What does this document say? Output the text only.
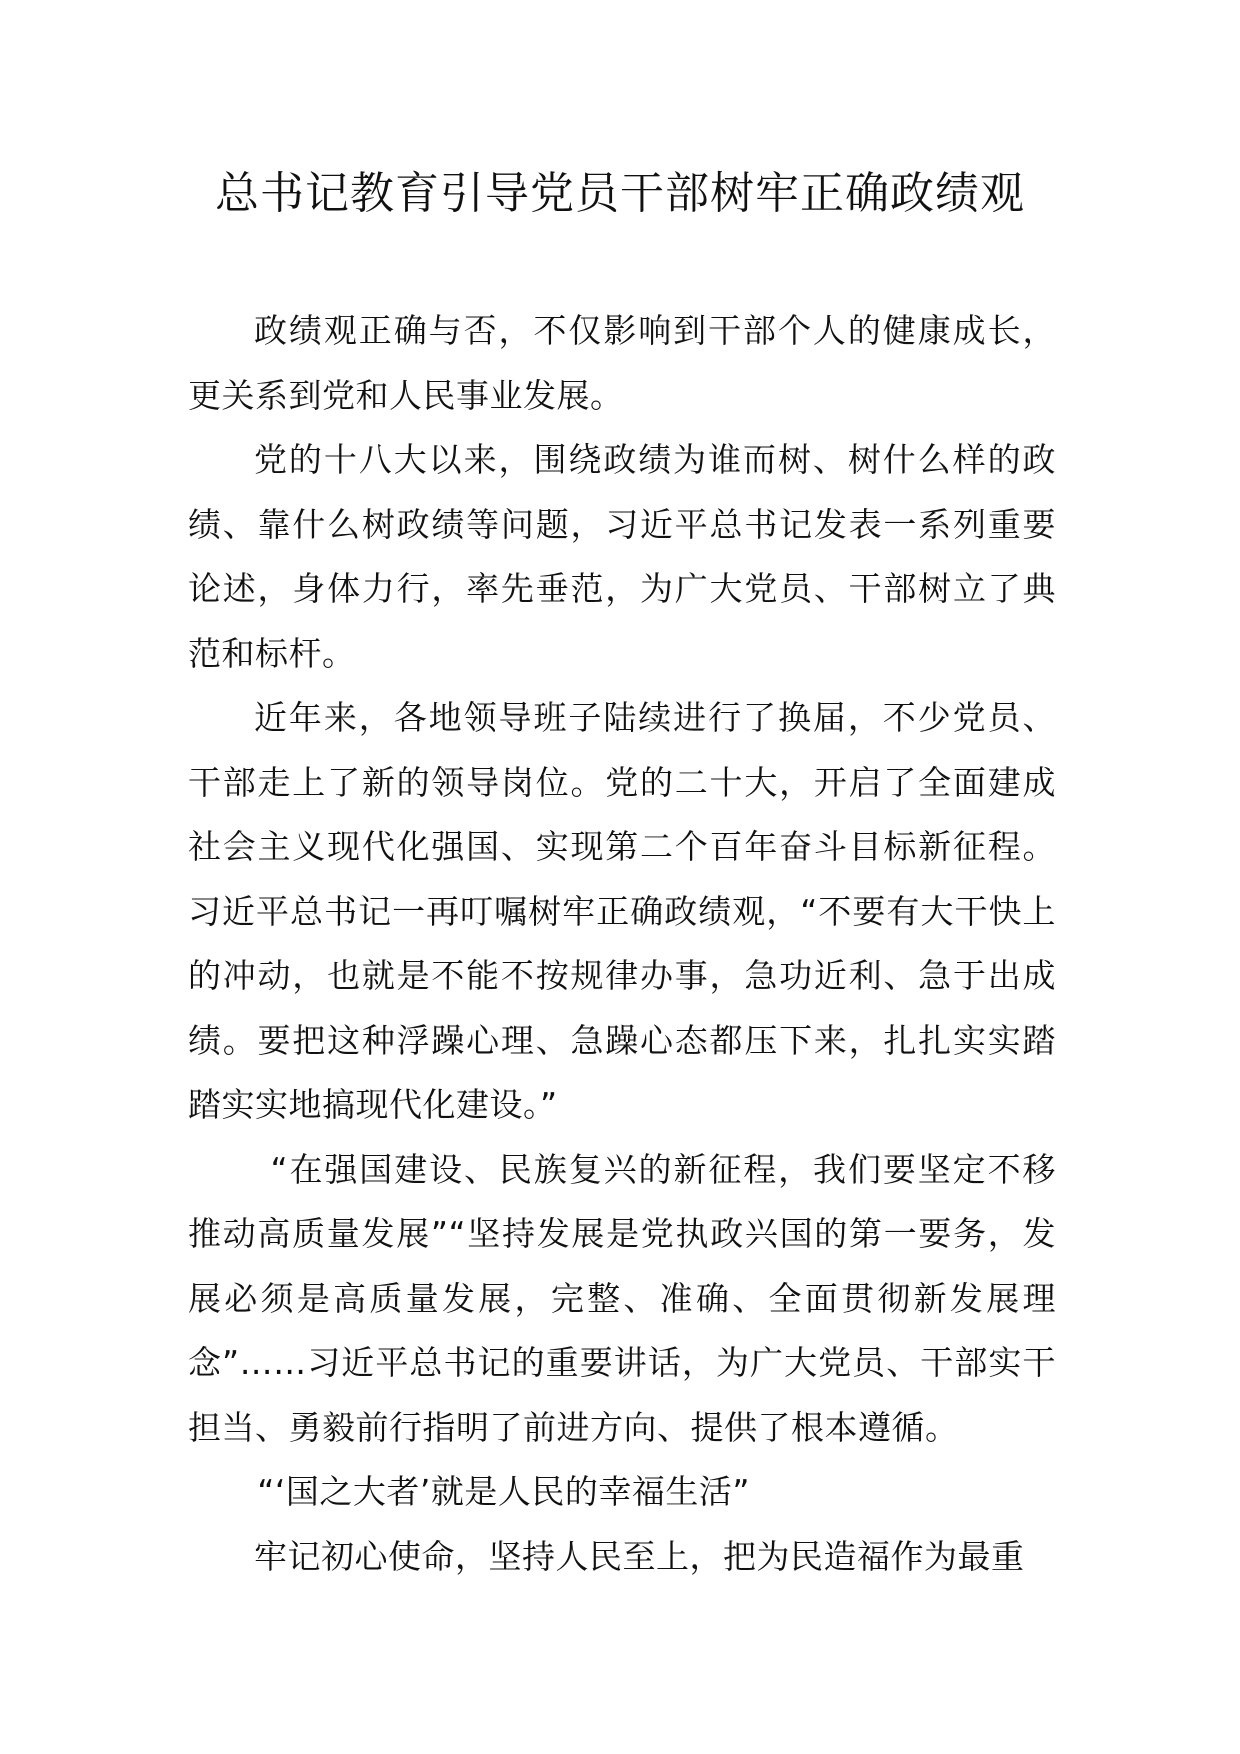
总书记教育引导党员干部树牢正确政绩观

政绩观正确与否，不仅影响到干部个人的健康成长，更关系到党和人民事业发展。

党的十八大以来，围绕政绩为谁而树、树什么样的政绩、靠什么树政绩等问题，习近平总书记发表一系列重要论述，身体力行，率先垂范，为广大党员、干部树立了典范和标杆。

近年来，各地领导班子陆续进行了换届，不少党员、干部走上了新的领导岗位。党的二十大，开启了全面建成社会主义现代化强国、实现第二个百年奋斗目标新征程。习近平总书记一再叮嘱树牢正确政绩观，“不要有大干快上的冲动，也就是不能不按规律办事，急功近利、急于出成绩。要把这种浮躁心理、急躁心态都压下来，扎扎实实踏踏实实地搞现代化建设。”

“在强国建设、民族复兴的新征程，我们要坚定不移推动高质量发展”“坚持发展是党执政兴国的第一要务，发展必须是高质量发展，完整、准确、全面贯彻新发展理念”……习近平总书记的重要讲话，为广大党员、干部实干担当、勇毅前行指明了前进方向、提供了根本遵循。

“‘国之大者’就是人民的幸福生活”

牢记初心使命，坚持人民至上，把为民造福作为最重
